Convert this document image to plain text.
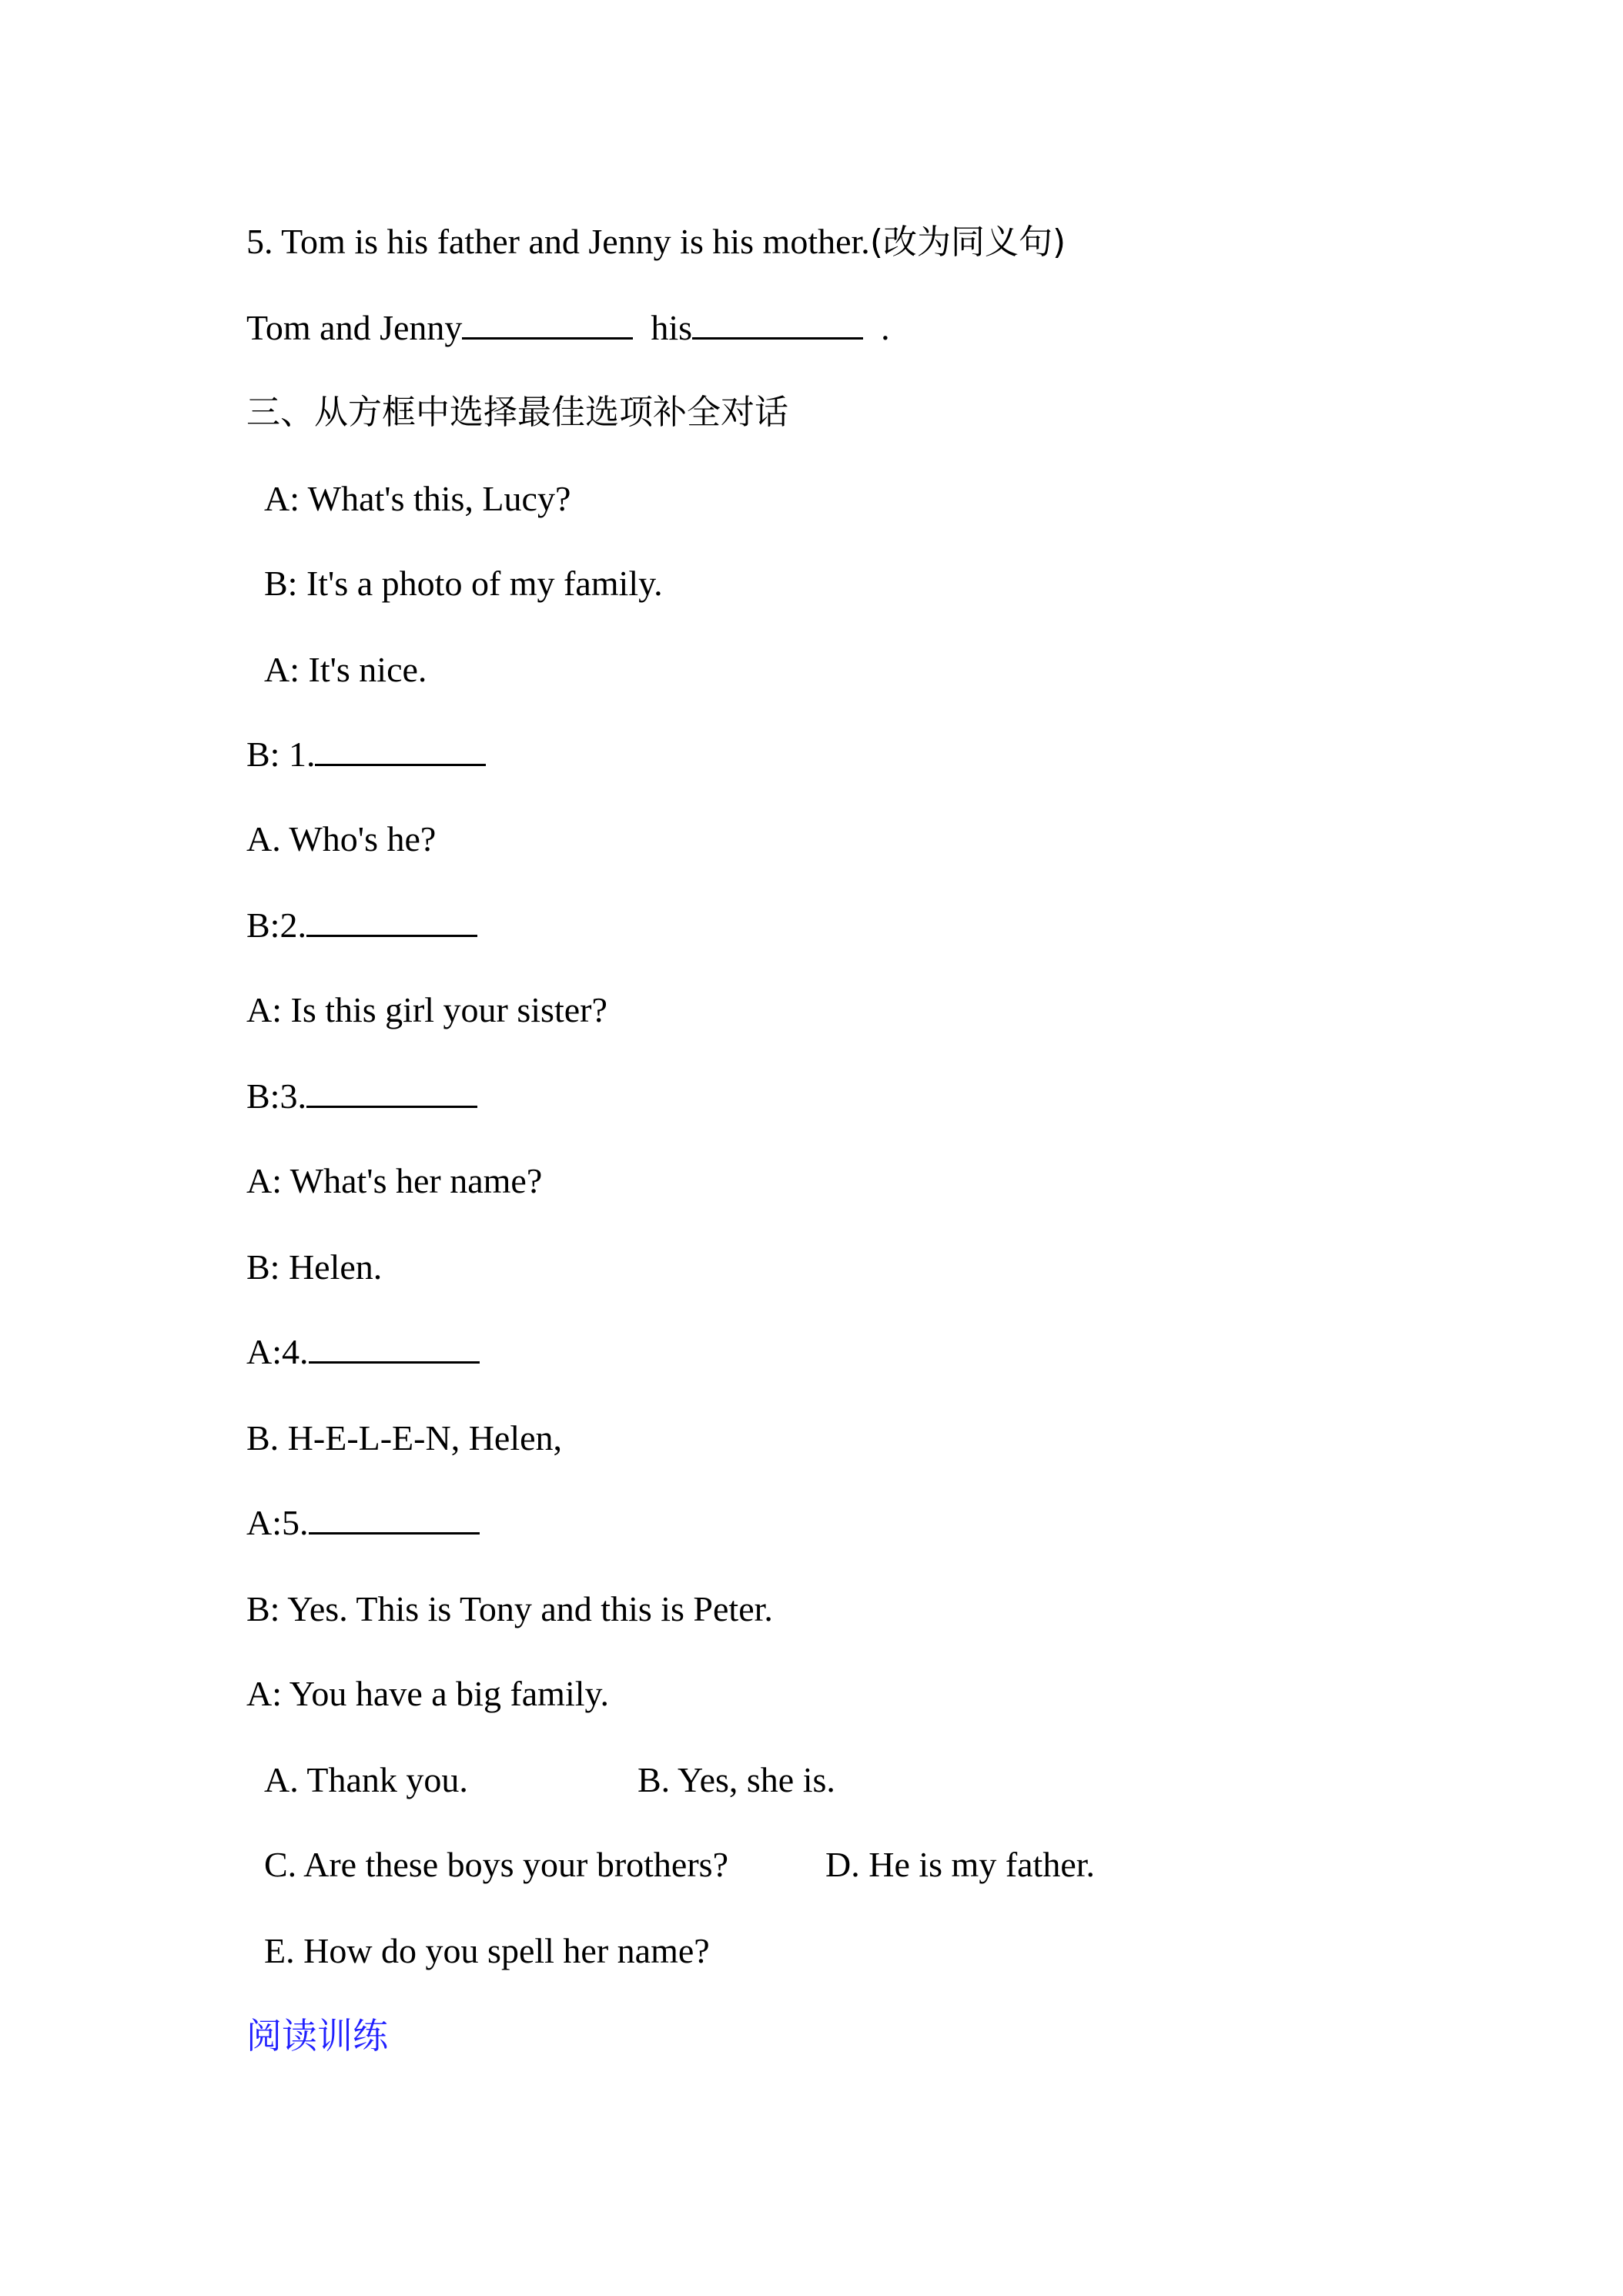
5. Tom is his father and Jenny is his mother.(改为同义句)
Tom and Jenny	his	.
三、从方框中选择最佳选项补全对话
A: What's this, Lucy?
B: It's a photo of my family.
A: It's nice.
B: 1.
A. Who's he?
B:2.
A: Is this girl your sister?
B:3.
A: What's her name?
B: Helen.
A:4.
B. H-E-L-E-N, Helen,
A:5.
B: Yes. This is Tony and this is Peter.
A: You have a big family.
A. Thank you.	B. Yes, she is.
C. Are these boys your brothers?	D. He is my father.
E. How do you spell her name?
阅读训练
